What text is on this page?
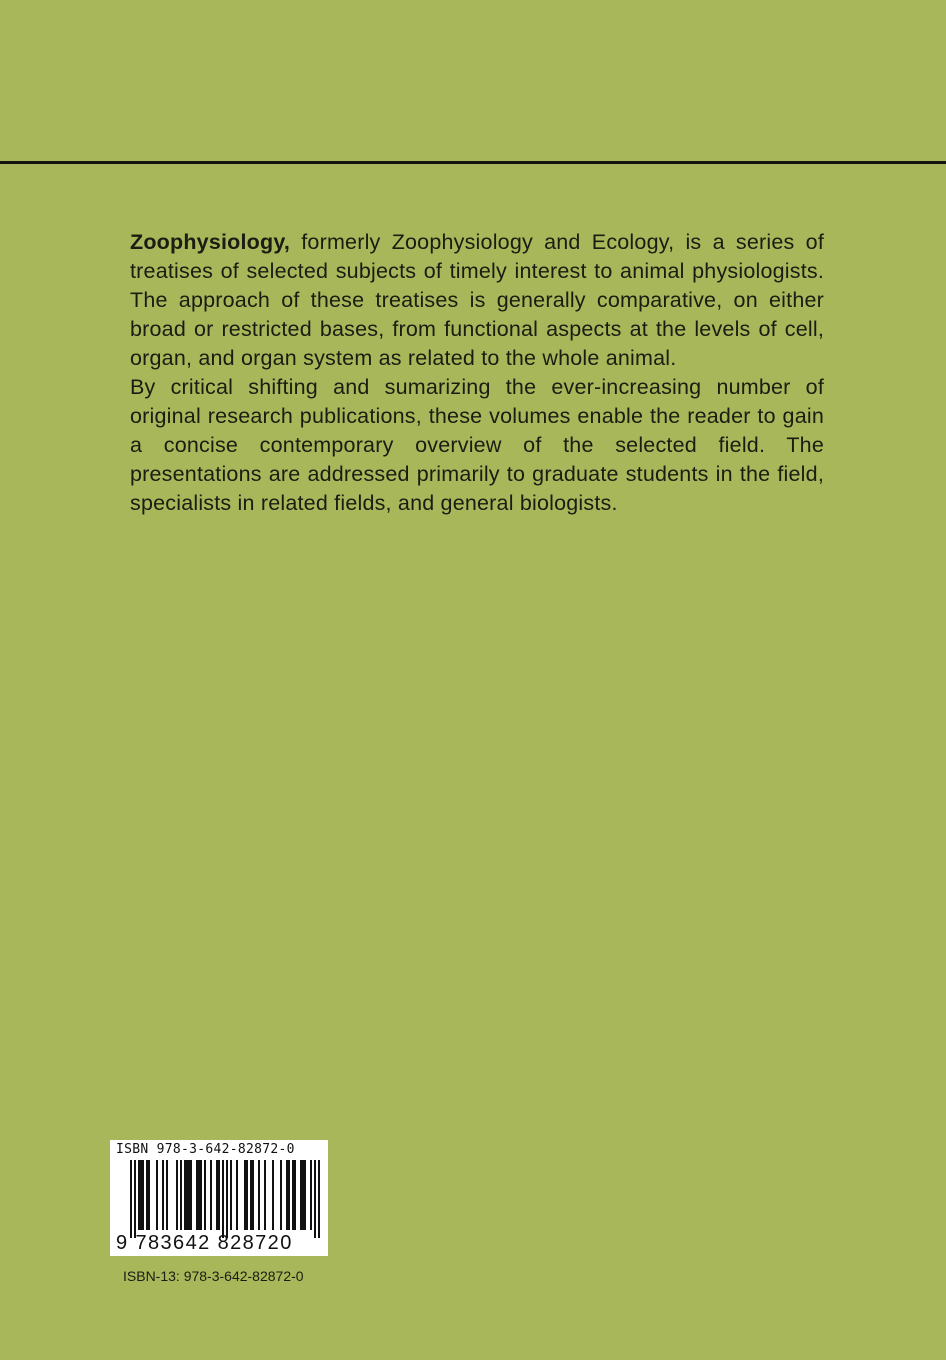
Zoophysiology, formerly Zoophysiology and Ecology, is a series of treatises of selected subjects of timely interest to animal physiologists. The approach of these treatises is generally comparative, on either broad or restricted bases, from functional aspects at the levels of cell, organ, and organ system as related to the whole animal.

By critical shifting and sumarizing the ever-increasing number of original research publications, these volumes enable the reader to gain a concise contemporary overview of the selected field. The presentations are addressed primarily to graduate students in the field, specialists in related fields, and general biologists.

ISBN 978-3-642-82872-0
9 783642 828720
ISBN-13: 978-3-642-82872-0
